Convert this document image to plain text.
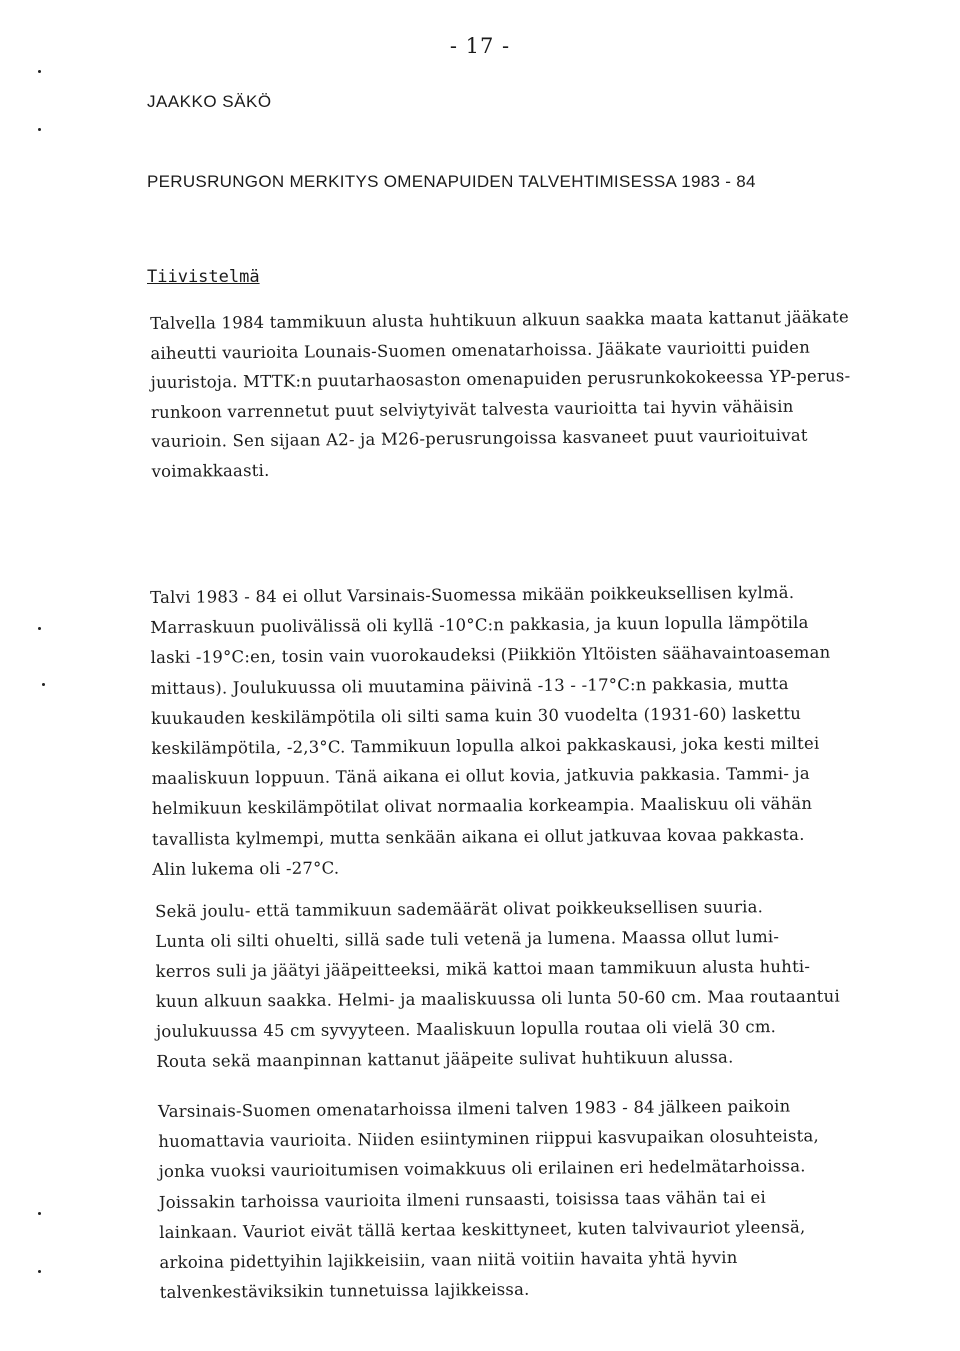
- 17 -
JAAKKO SÄKÖ
PERUSRUNGON MERKITYS OMENAPUIDEN TALVEHTIMISESSA 1983 - 84
Tiivistelmä

Talvella 1984 tammikuun alusta huhtikuun alkuun saakka maata kattanut jääkate
aiheutti vaurioita Lounais-Suomen omenatarhoissa. Jääkate vaurioitti puiden
juuristoja. MTTK:n puutarhaosaston omenapuiden perusrunkokokeessa YP-perus-
runkoon varrennetut puut selviytyivät talvesta vaurioitta tai hyvin vähäisin
vaurioin. Sen sijaan A2- ja M26-perusrungoissa kasvaneet puut vaurioituivat
voimakkaasti.

Talvi 1983 - 84 ei ollut Varsinais-Suomessa mikään poikkeuksellisen kylmä.
Marraskuun puolivälissä oli kyllä -10°C:n pakkasia, ja kuun lopulla lämpötila
laski -19°C:en, tosin vain vuorokaudeksi (Piikkiön Yltöisten säähavaintoaseman
mittaus). Joulukuussa oli muutamina päivinä -13 - -17°C:n pakkasia, mutta
kuukauden keskilämpötila oli silti sama kuin 30 vuodelta (1931-60) laskettu
keskilämpötila, -2,3°C. Tammikuun lopulla alkoi pakkaskausi, joka kesti miltei
maaliskuun loppuun. Tänä aikana ei ollut kovia, jatkuvia pakkasia. Tammi- ja
helmikuun keskilämpötilat olivat normaalia korkeampia. Maaliskuu oli vähän
tavallista kylmempi, mutta senkään aikana ei ollut jatkuvaa kovaa pakkasta.
Alin lukema oli -27°C.

Sekä joulu- että tammikuun sademäärät olivat poikkeuksellisen suuria.
Lunta oli silti ohuelti, sillä sade tuli vetenä ja lumena. Maassa ollut lumi-
kerros suli ja jäätyi jääpeitteeksi, mikä kattoi maan tammikuun alusta huhti-
kuun alkuun saakka. Helmi- ja maaliskuussa oli lunta 50-60 cm. Maa routaantui
joulukuussa 45 cm syvyyteen. Maaliskuun lopulla routaa oli vielä 30 cm.
Routa sekä maanpinnan kattanut jääpeite sulivat huhtikuun alussa.

Varsinais-Suomen omenatarhoissa ilmeni talven 1983 - 84 jälkeen paikoin
huomattavia vaurioita. Niiden esiintyminen riippui kasvupaikan olosuhteista,
jonka vuoksi vaurioitumisen voimakkuus oli erilainen eri hedelmätarhoissa.
Joissakin tarhoissa vaurioita ilmeni runsaasti, toisissa taas vähän tai ei
lainkaan. Vauriot eivät tällä kertaa keskittyneet, kuten talvivauriot yleensä,
arkoina pidettyihin lajikkeisiin, vaan niitä voitiin havaita yhtä hyvin
talvenkestäviksikin tunnetuissa lajikkeissa.
